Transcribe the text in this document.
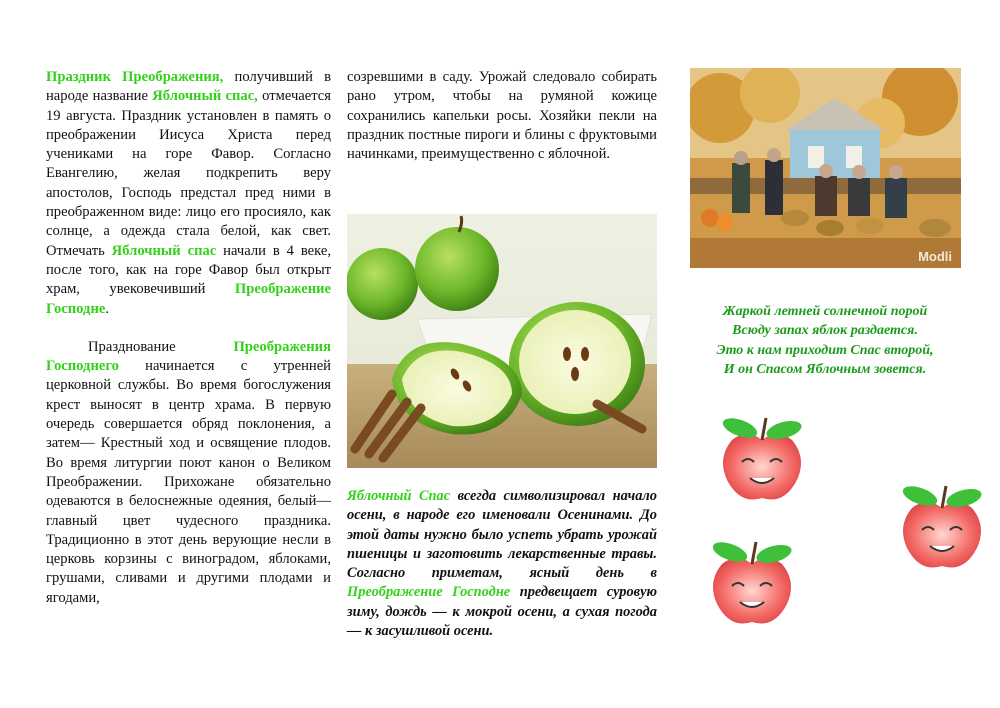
Праздник Преображения, получивший в народе название Яблочный спас, отмечается 19 августа. Праздник установлен в память о преображении Иисуса Христа перед учениками на горе Фавор. Согласно Евангелию, желая подкрепить веру апостолов, Господь предстал пред ними в преображенном виде: лицо его просияло, как солнце, а одежда стала белой, как свет. Отмечать Яблочный спас начали в 4 веке, после того, как на горе Фавор был открыт храм, увековечивший Преображение Господне.

Празднование Преображения Господнего начинается с утренней церковной службы. Во время богослужения крест выносят в центр храма. В первую очередь совершается обряд поклонения, а затем— Крестный ход и освящение плодов. Во время литургии поют канон о Великом Преображении. Прихожане обязательно одеваются в белоснежные одеяния, белый— главный цвет чудесного праздника. Традиционно в этот день верующие несли в церковь корзины с виноградом, яблоками, грушами, сливами и другими плодами и ягодами,

созревшими в саду. Урожай следовало собирать рано утром, чтобы на румяной кожице сохранились капельки росы. Хозяйки пекли на праздник постные пироги и блины с фруктовыми начинками, преимущественно с яблочной.

Яблочный Спас всегда символизировал начало осени, в народе его именовали Осенинами. До этой даты нужно было успеть убрать урожай пшеницы и заготовить лекарственные травы. Согласно приметам, ясный день в Преображение Господне предвещает суровую зиму, дождь — к мокрой осени, а сухая погода — к засушливой осени.

Modli
Жаркой летней солнечной порой
Всюду запах яблок раздается.
Это к нам приходит Спас второй,
И он Спасом Яблочным зовется.
